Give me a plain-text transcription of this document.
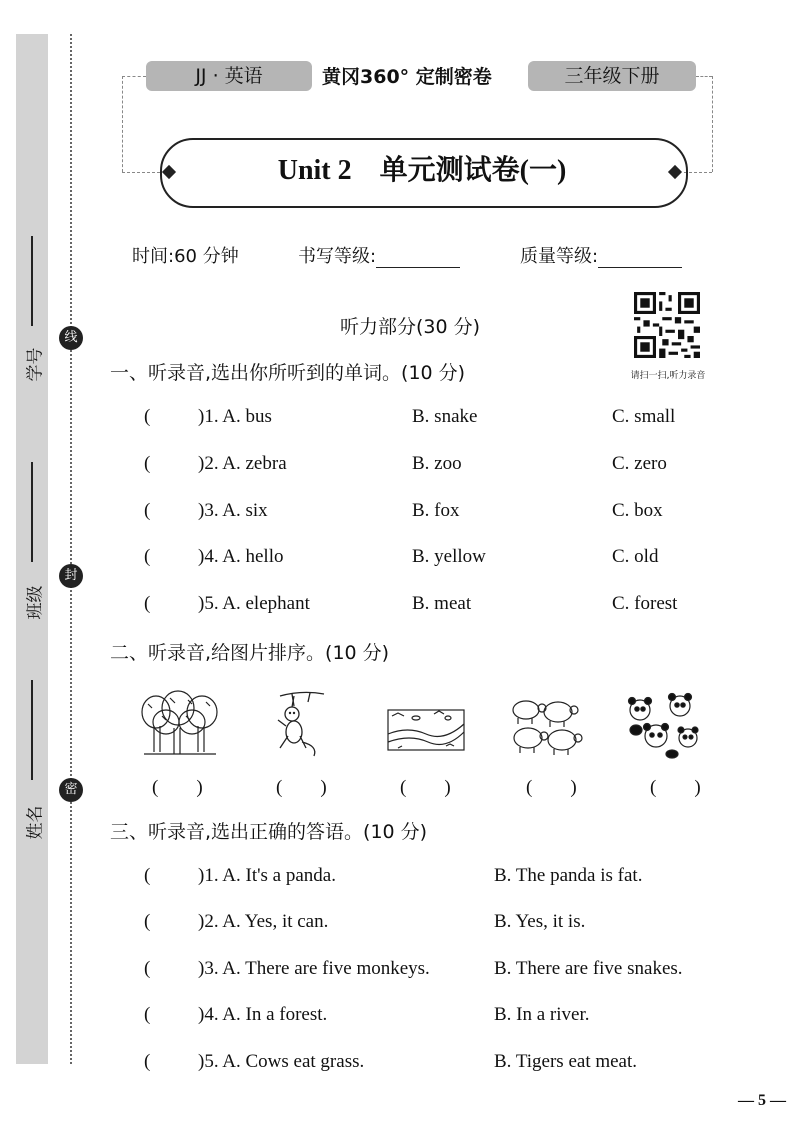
学号
班级
姓名
线
封
密
JJ · 英语	黄冈360° 定制密卷	三年级下册
Unit 2　单元测试卷(一)
时间:60 分钟	书写等级:	质量等级:
听力部分(30 分)
请扫一扫,听力录音
一、听录音,选出你所听到的单词。(10 分)
(	)1. A. bus	B. snake	C. small
(	)2. A. zebra	B. zoo	C. zero
(	)3. A. six	B. fox	C. box
(	)4. A. hello	B. yellow	C. old
(	)5. A. elephant	B. meat	C. forest
二、听录音,给图片排序。(10 分)
(　　)	(　　)	(　　)	(　　)	(　　)
三、听录音,选出正确的答语。(10 分)
(	)1. A. It's a panda.	B. The panda is fat.
(	)2. A. Yes, it can.	B. Yes, it is.
(	)3. A. There are five monkeys.	B. There are five snakes.
(	)4. A. In a forest.	B. In a river.
(	)5. A. Cows eat grass.	B. Tigers eat meat.
— 5 —
